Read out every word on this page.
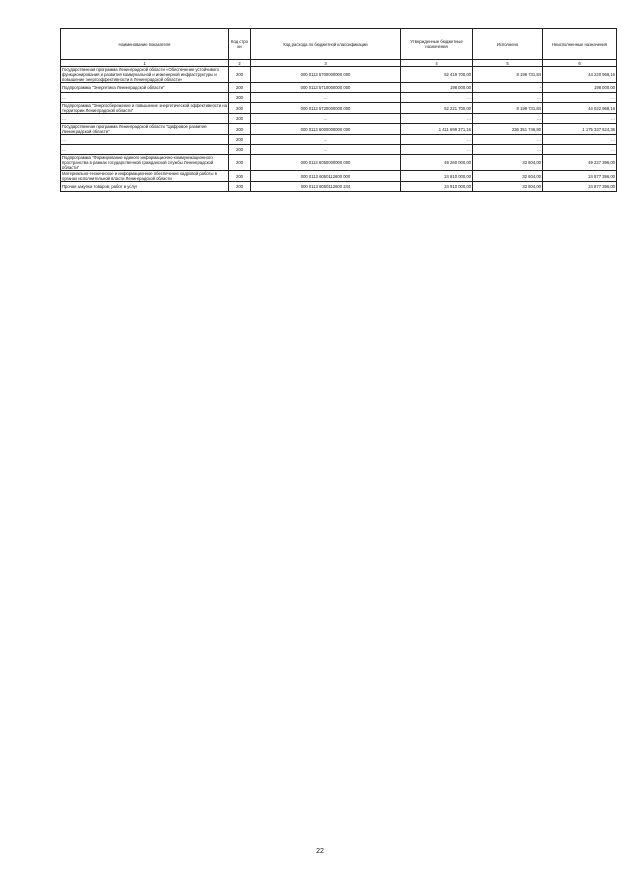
Наименование показателя	Код стро ки	Код расхода по бюджетной классификации	Утвержденные бюджетные назначения	Исполнено	Неисполненные назначения
1	2	3	4	5	6
Государственная программа Ленинградской области «Обеспечение устойчивого функционирования и развития коммунальной и инженерной инфраструктуры и повышение энергоэффективности в Ленинградской области»	200	000 0113 5700000000 000	52 419 700,00	8 198 731,84	44 220 968,16
Подпрограмма "Энергетика Ленинградской области"	200	000 0113 5710000000 000	198 000,00	-	198 000,00
…	200	…	…	…	…
Подпрограмма "Энергосбережение и повышение энергетической эффективности на территории Ленинградской области"	200	000 0113 5720000000 000	52 221 700,00	8 198 731,84	44 022 968,16
…	200	…	…	…	…
Государственная программа Ленинградской области "Цифровое развитие Ленинградской области"	200	000 0113 6000000000 000	1 411 699 371,16	236 351 746,80	1 175 337 624,36
…	200	…	…	…	…
…	200	…	…	…	…
Подпрограмма "Формирование единого информационно-коммуникационного пространства в рамках государственной гражданской службы Ленинградской области"	200	000 0113 6050000000 000	49 260 000,00	32 604,00	49 227 396,00
Материально-техническое и информационное обеспечение кадровой работы в органах исполнительной власти Ленинградской области	200	000 0113 6050112600 000	24 910 000,00	32 604,00	24 877 396,00
Прочая закупка товаров, работ и услуг	200	000 0113 6050112600 244	24 910 000,00	32 604,00	24 877 396,00
22
